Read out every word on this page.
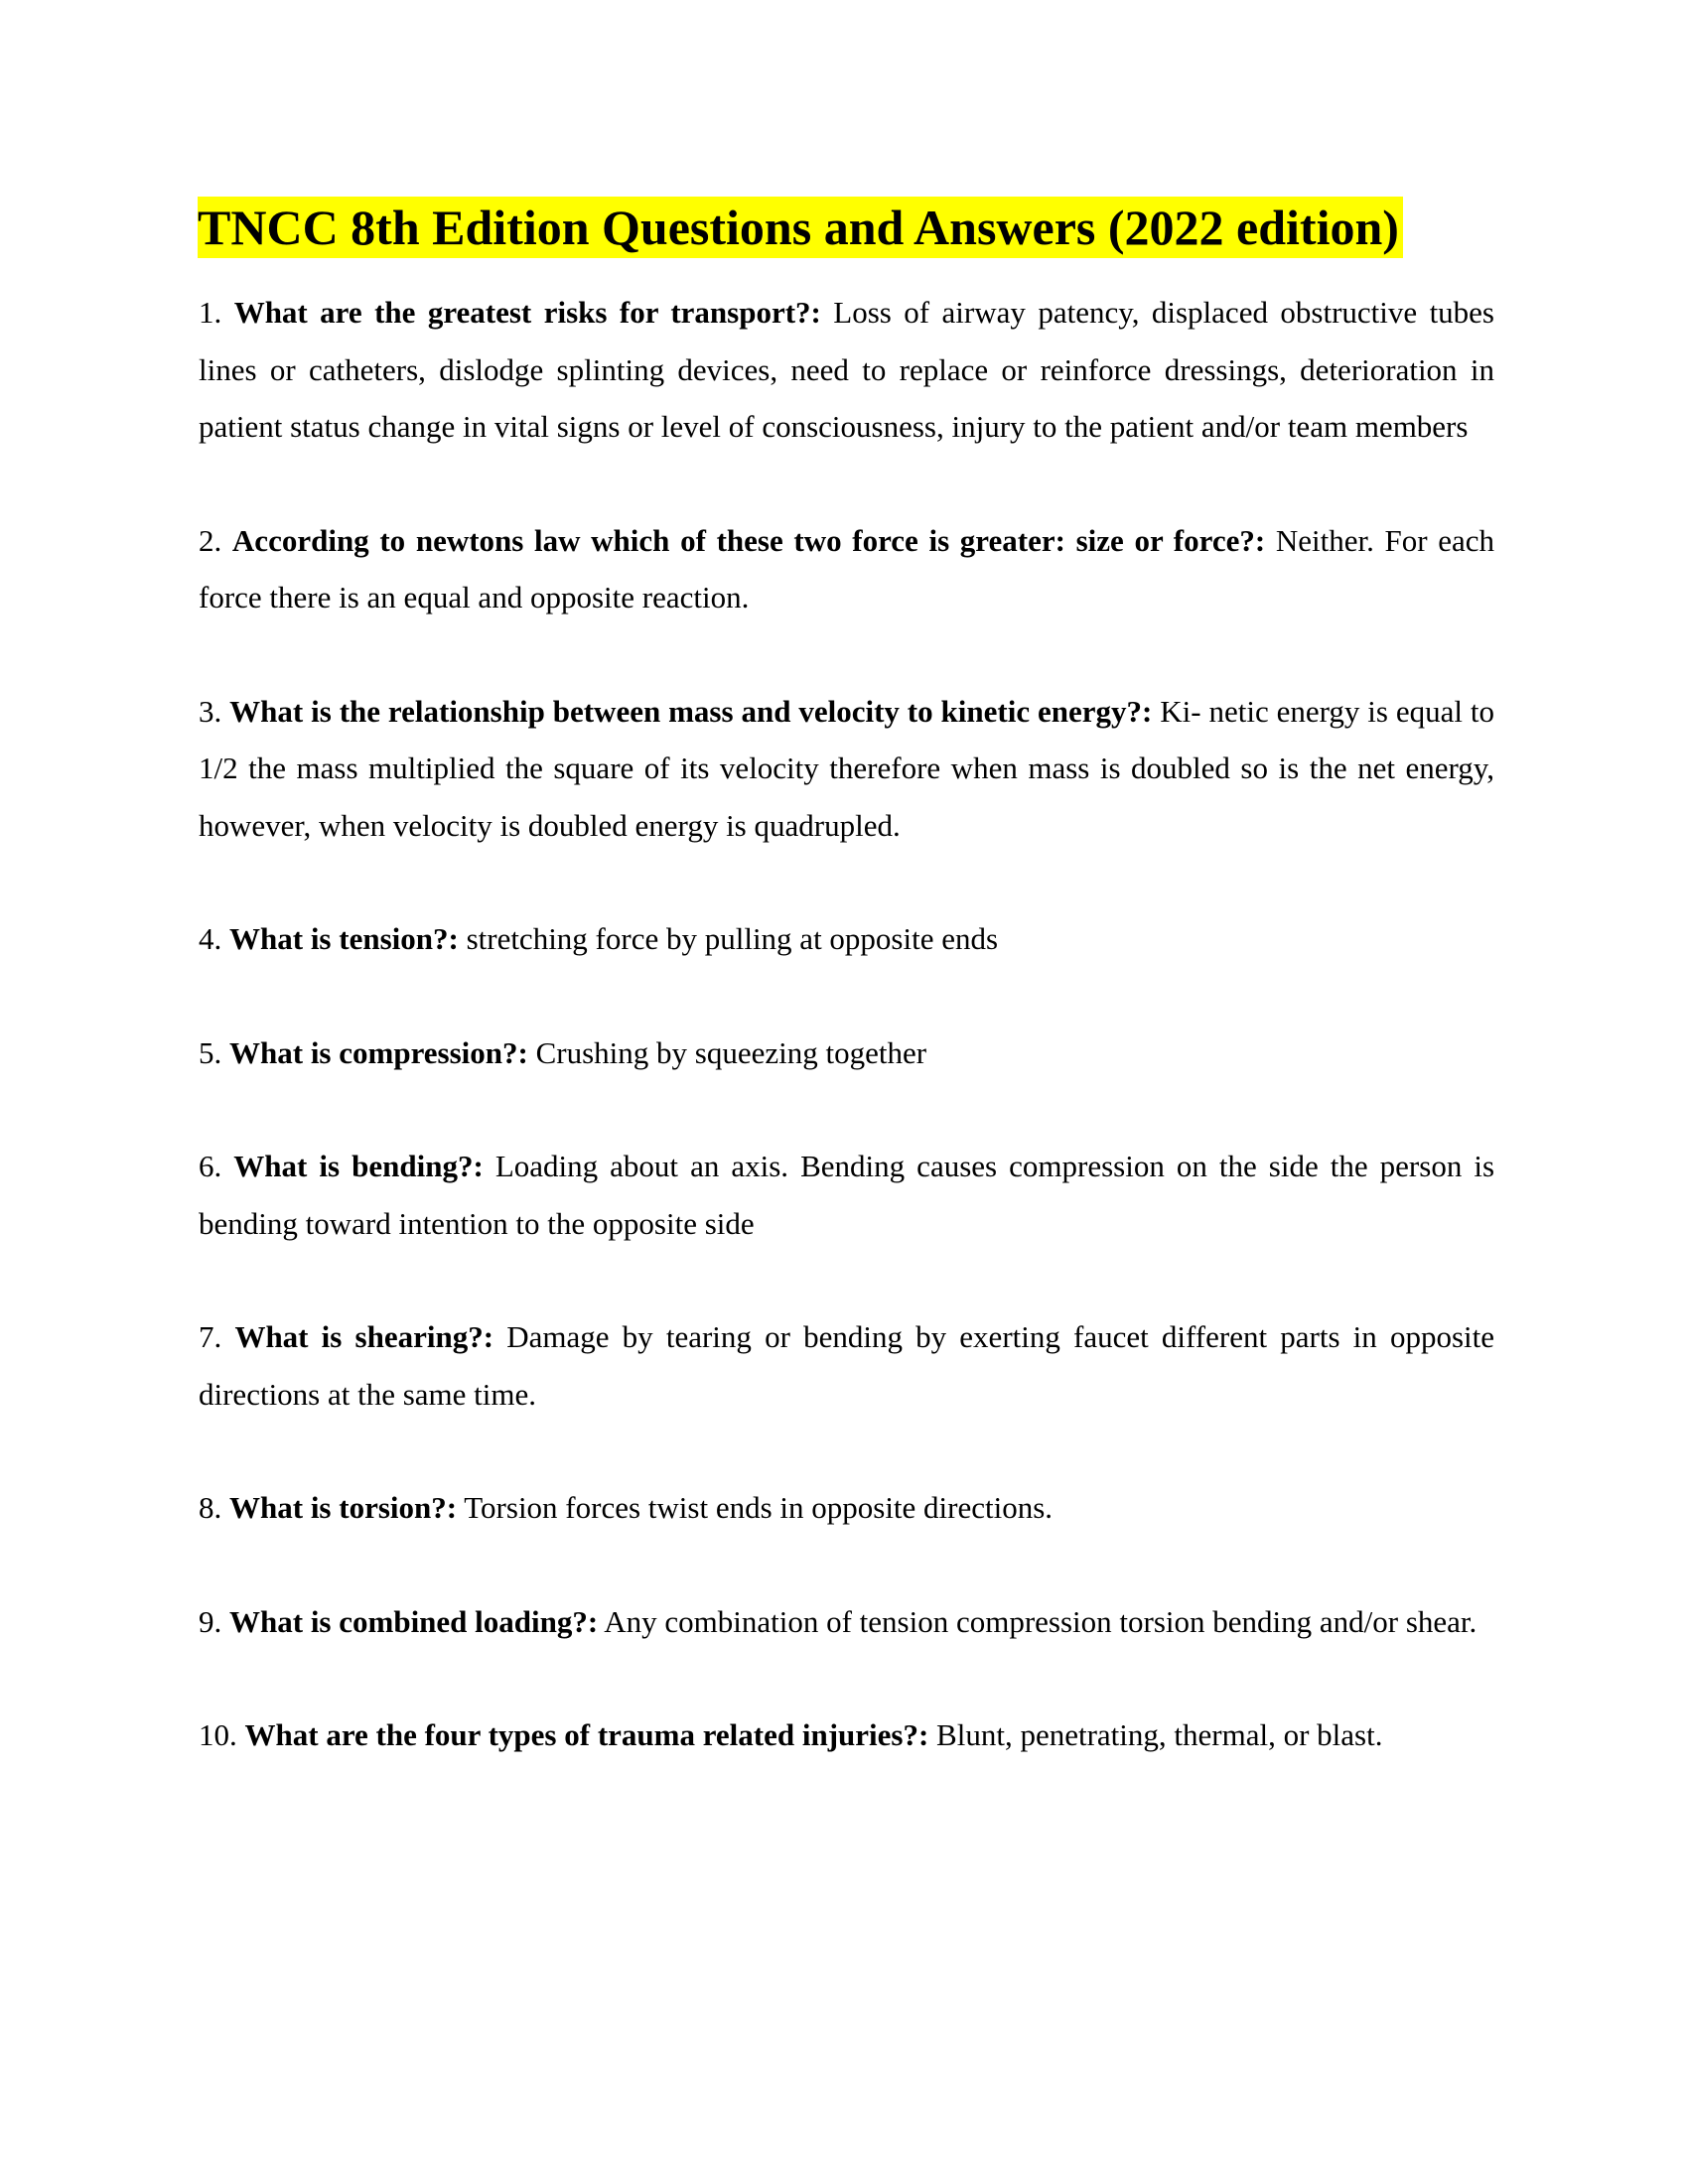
TNCC 8th Edition Questions and Answers (2022 edition)

1. What are the greatest risks for transport?: Loss of airway patency, displaced obstructive tubes lines or catheters, dislodge splinting devices, need to replace or reinforce dressings, deterioration in patient status change in vital signs or level of consciousness, injury to the patient and/or team members

2. According to newtons law which of these two force is greater: size or force?: Neither. For each force there is an equal and opposite reaction.

3. What is the relationship between mass and velocity to kinetic energy?: Ki- netic energy is equal to 1/2 the mass multiplied the square of its velocity therefore when mass is doubled so is the net energy, however, when velocity is doubled energy is quadrupled.

4. What is tension?: stretching force by pulling at opposite ends

5. What is compression?: Crushing by squeezing together

6. What is bending?: Loading about an axis. Bending causes compression on the side the person is bending toward intention to the opposite side

7. What is shearing?: Damage by tearing or bending by exerting faucet different parts in opposite directions at the same time.

8. What is torsion?: Torsion forces twist ends in opposite directions.

9. What is combined loading?: Any combination of tension compression torsion bending and/or shear.

10. What are the four types of trauma related injuries?: Blunt, penetrating, thermal, or blast.
